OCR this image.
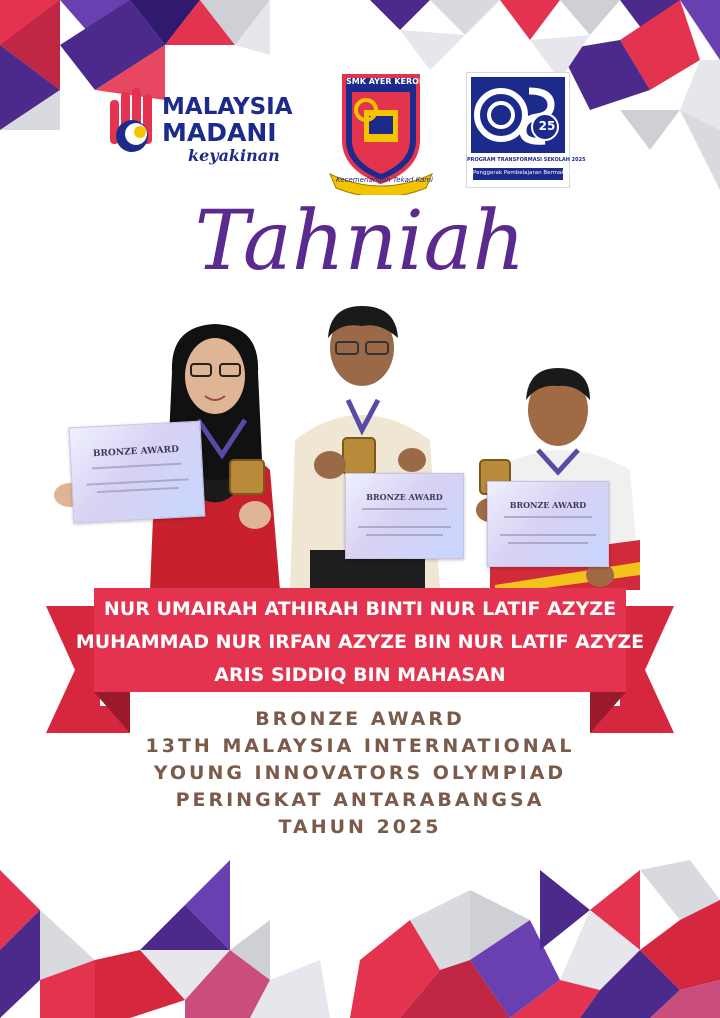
MALAYSIA
MADANI
keyakinan
SMK AYER KEROH
Kecemerlangan Tekad Kami
25
PROGRAM TRANSFORMASI SEKOLAH 2025
Penggerak Pembelajaran Bermakna
Tahniah
BRONZE AWARD
BRONZE AWARD
BRONZE AWARD
NUR UMAIRAH ATHIRAH BINTI NUR LATIF AZYZE
MUHAMMAD NUR IRFAN AZYZE BIN NUR LATIF AZYZE
ARIS SIDDIQ BIN MAHASAN
BRONZE AWARD
13TH MALAYSIA INTERNATIONAL
YOUNG INNOVATORS OLYMPIAD
PERINGKAT ANTARABANGSA
TAHUN 2025
